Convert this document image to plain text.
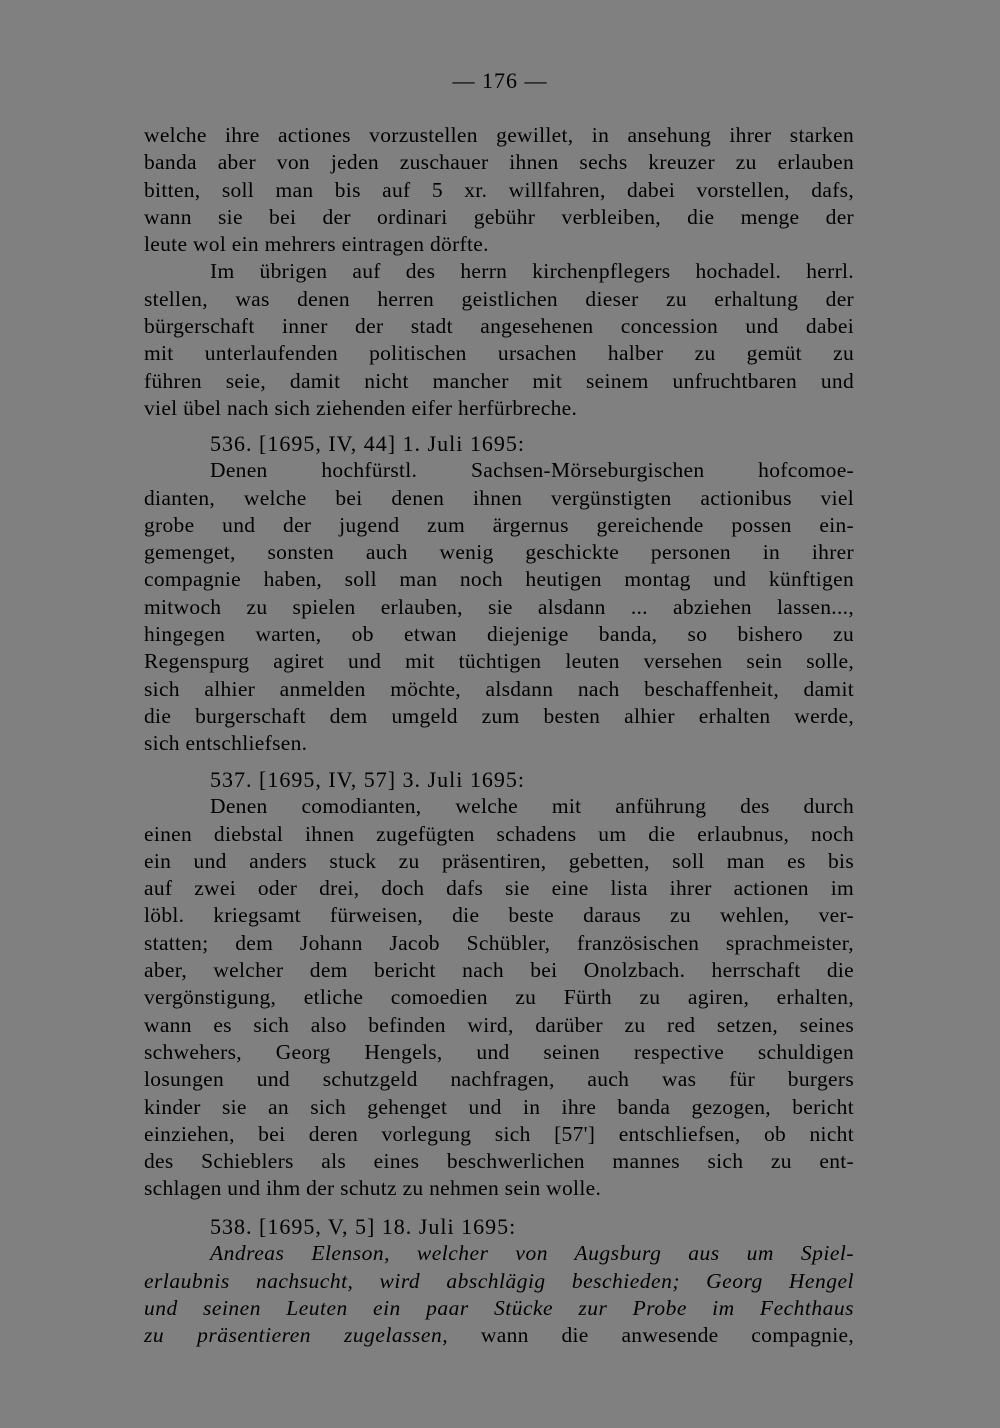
— 176 —
welche ihre actiones vorzustellen gewillet, in ansehung ihrer starken
banda aber von jeden zuschauer ihnen sechs kreuzer zu erlauben
bitten, soll man bis auf 5 xr. willfahren, dabei vorstellen, dafs,
wann sie bei der ordinari gebühr verbleiben, die menge der
leute wol ein mehrers eintragen dörfte.
Im übrigen auf des herrn kirchenpflegers hochadel. herrl.
stellen, was denen herren geistlichen dieser zu erhaltung der
bürgerschaft inner der stadt angesehenen concession und dabei
mit unterlaufenden politischen ursachen halber zu gemüt zu
führen seie, damit nicht mancher mit seinem unfruchtbaren und
viel übel nach sich ziehenden eifer herfürbreche.
536. [1695, IV, 44] 1. Juli 1695:
Denen hochfürstl. Sachsen-Mörseburgischen hofcomoe-
dianten, welche bei denen ihnen vergünstigten actionibus viel
grobe und der jugend zum ärgernus gereichende possen ein-
gemenget, sonsten auch wenig geschickte personen in ihrer
compagnie haben, soll man noch heutigen montag und künftigen
mitwoch zu spielen erlauben, sie alsdann ... abziehen lassen...,
hingegen warten, ob etwan diejenige banda, so bishero zu
Regenspurg agiret und mit tüchtigen leuten versehen sein solle,
sich alhier anmelden möchte, alsdann nach beschaffenheit, damit
die burgerschaft dem umgeld zum besten alhier erhalten werde,
sich entschliefsen.
537. [1695, IV, 57] 3. Juli 1695:
Denen comodianten, welche mit anführung des durch
einen diebstal ihnen zugefügten schadens um die erlaubnus, noch
ein und anders stuck zu präsentiren, gebetten, soll man es bis
auf zwei oder drei, doch dafs sie eine lista ihrer actionen im
löbl. kriegsamt fürweisen, die beste daraus zu wehlen, ver-
statten; dem Johann Jacob Schübler, französischen sprachmeister,
aber, welcher dem bericht nach bei Onolzbach. herrschaft die
vergönstigung, etliche comoedien zu Fürth zu agiren, erhalten,
wann es sich also befinden wird, darüber zu red setzen, seines
schwehers, Georg Hengels, und seinen respective schuldigen
losungen und schutzgeld nachfragen, auch was für burgers
kinder sie an sich gehenget und in ihre banda gezogen, bericht
einziehen, bei deren vorlegung sich [57'] entschliefsen, ob nicht
des Schieblers als eines beschwerlichen mannes sich zu ent-
schlagen und ihm der schutz zu nehmen sein wolle.
538. [1695, V, 5] 18. Juli 1695:
Andreas Elenson, welcher von Augsburg aus um Spiel-
erlaubnis nachsucht, wird abschlägig beschieden; Georg Hengel
und seinen Leuten ein paar Stücke zur Probe im Fechthaus
zu präsentieren zugelassen, wann die anwesende compagnie,
